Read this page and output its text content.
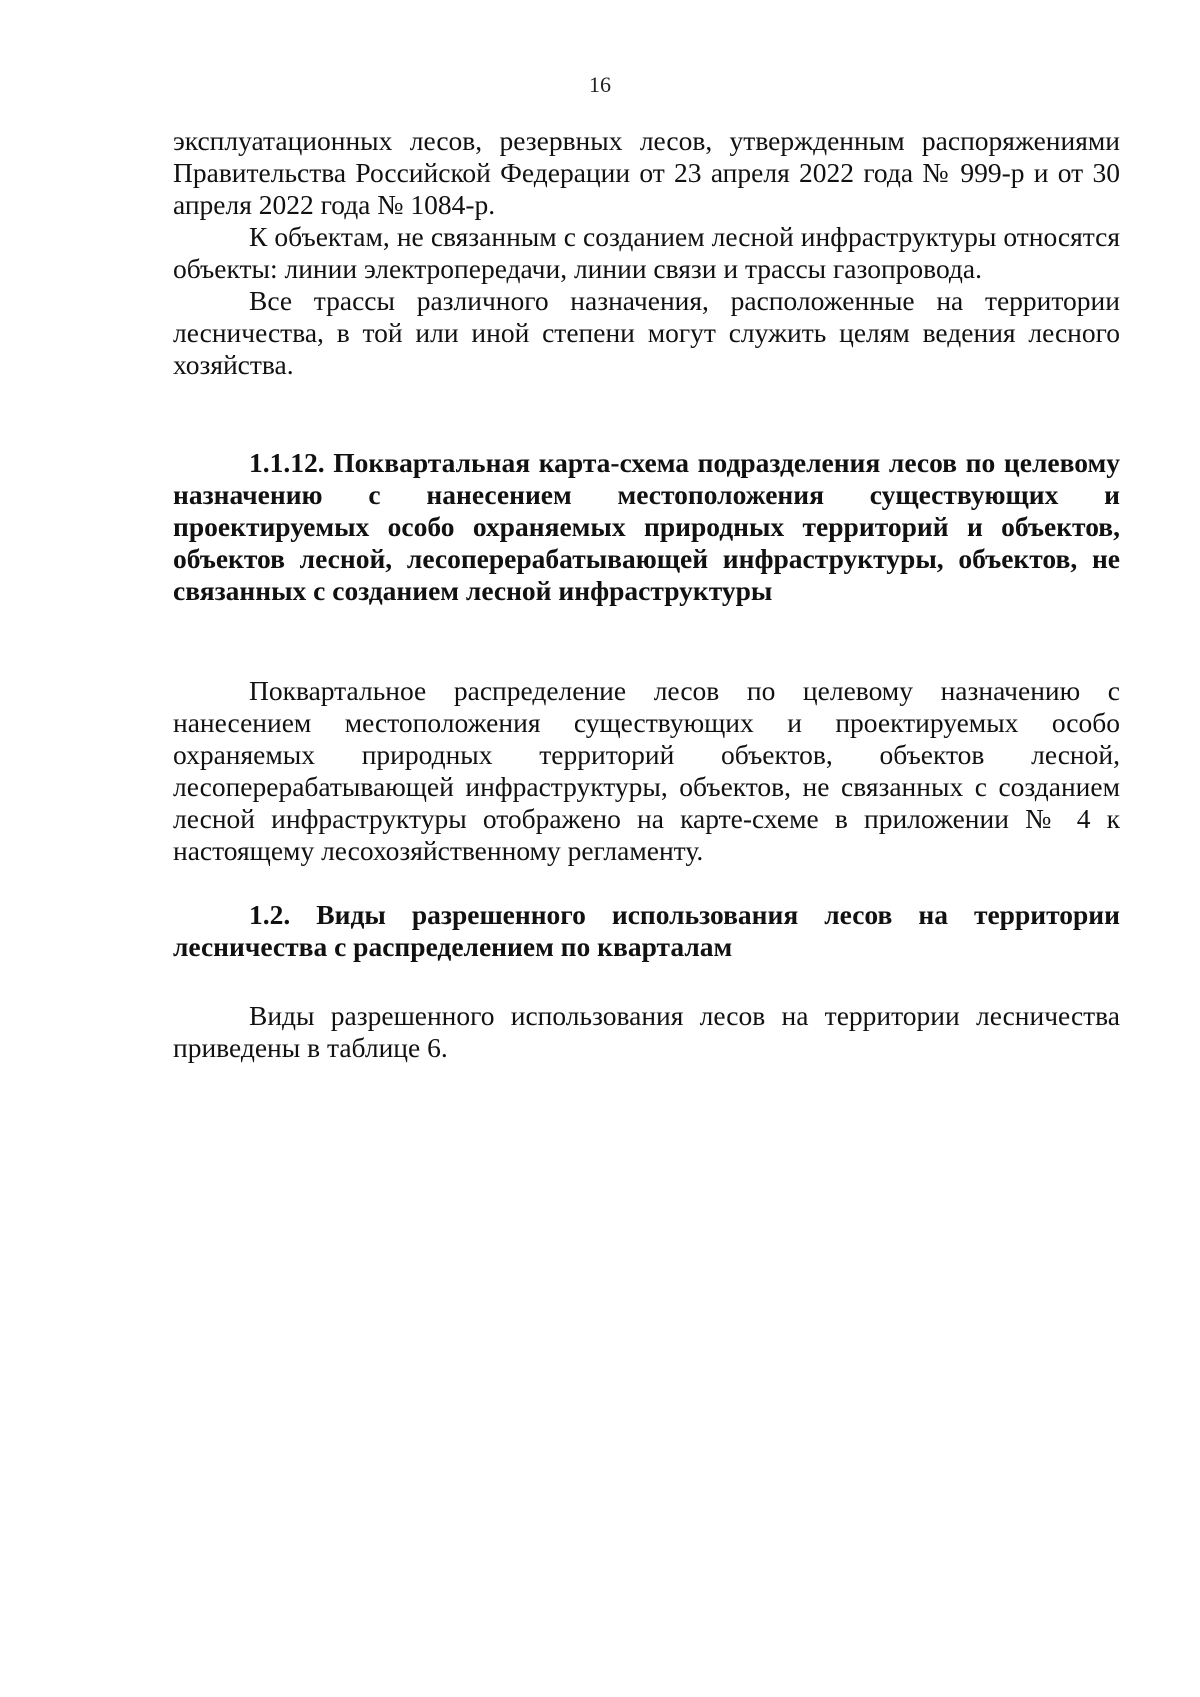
16

эксплуатационных лесов, резервных лесов, утвержденным распоряжениями Правительства Российской Федерации от 23 апреля 2022 года № 999-р и от 30 апреля 2022 года № 1084-р.

К объектам, не связанным с созданием лесной инфраструктуры относятся объекты: линии электропередачи, линии связи и трассы газопровода.

Все трассы различного назначения, расположенные на территории лесничества, в той или иной степени могут служить целям ведения лесного хозяйства.

1.1.12. Поквартальная карта-схема подразделения лесов по целевому назначению с нанесением местоположения существующих и проектируемых особо охраняемых природных территорий и объектов, объектов лесной, лесоперерабатывающей инфраструктуры, объектов, не связанных с созданием лесной инфраструктуры

Поквартальное распределение лесов по целевому назначению с нанесением местоположения существующих и проектируемых особо охраняемых природных территорий объектов, объектов лесной, лесоперерабатывающей инфраструктуры, объектов, не связанных с созданием лесной инфраструктуры отображено на карте-схеме в приложении № 4 к настоящему лесохозяйственному регламенту.

1.2. Виды разрешенного использования лесов на территории лесничества с распределением по кварталам

Виды разрешенного использования лесов на территории лесничества приведены в таблице 6.
